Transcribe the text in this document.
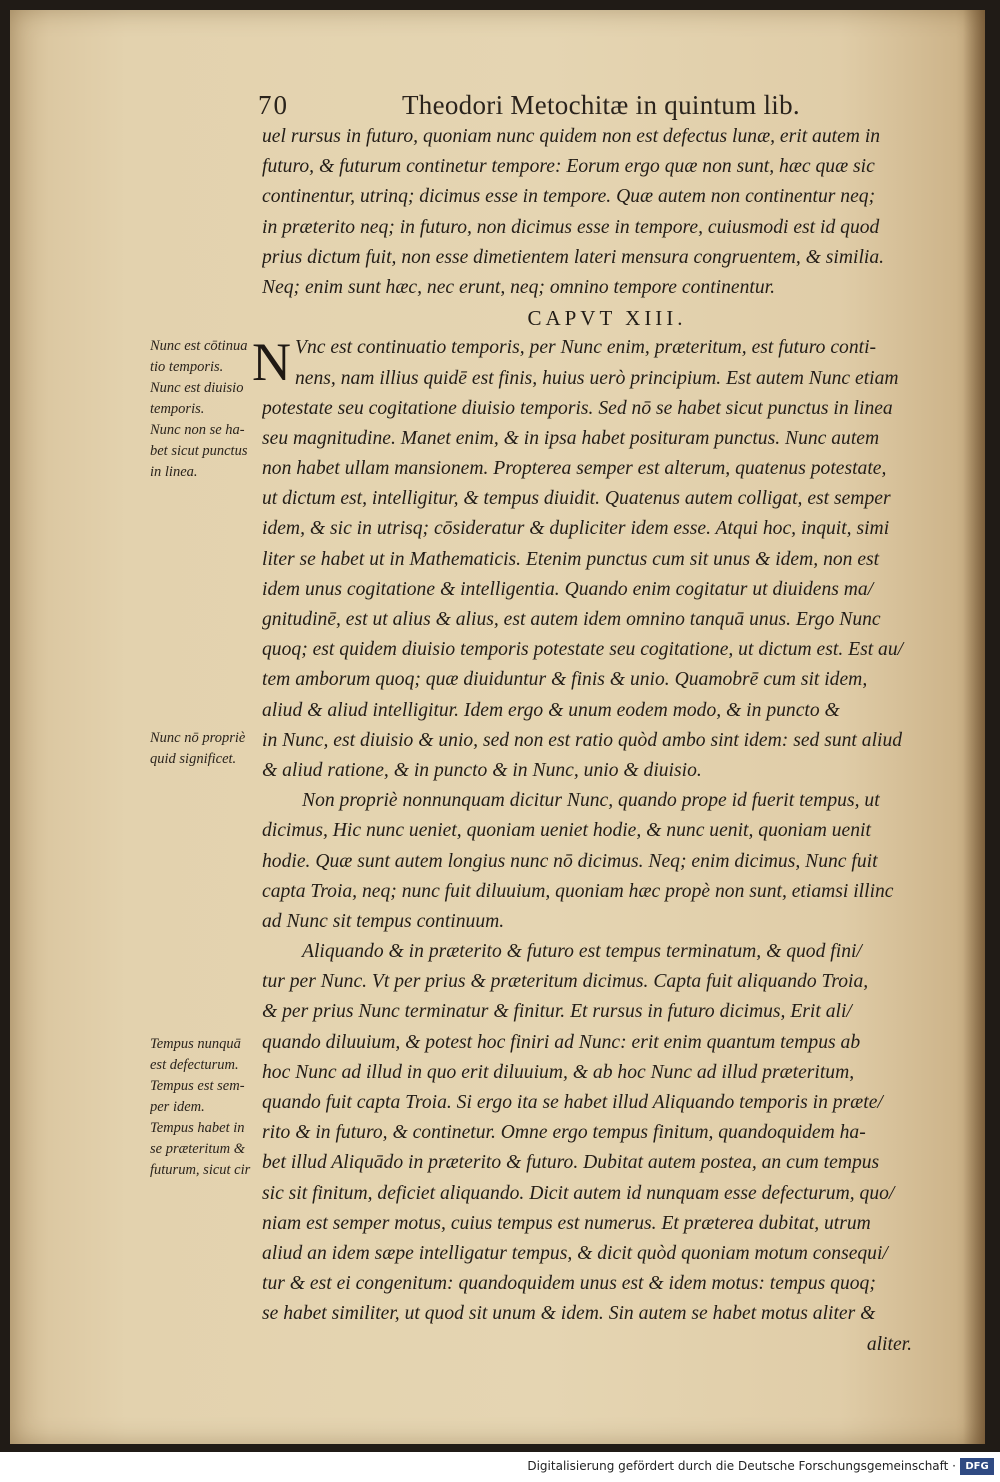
70	Theodori Metochitæ in quintum lib.
uel rursus in futuro, quoniam nunc quidem non est defectus lunæ, erit autem in
futuro, & futurum continetur tempore: Eorum ergo quæ non sunt, hæc quæ sic
continentur, utrinq; dicimus esse in tempore. Quæ autem non continentur neq;
in præterito neq; in futuro, non dicimus esse in tempore, cuiusmodi est id quod
prius dictum fuit, non esse dimetientem lateri mensura congruentem, & similia.
Neq; enim sunt hæc, nec erunt, neq; omnino tempore continentur.
CAPVT XIII.
N Vnc est continuatio temporis, per Nunc enim, præteritum, est futuro conti-
nens, nam illius quidē est finis, huius uerò principium. Est autem Nunc etiam
potestate seu cogitatione diuisio temporis. Sed nō se habet sicut punctus in linea
seu magnitudine. Manet enim, & in ipsa habet posituram punctus. Nunc autem
non habet ullam mansionem. Propterea semper est alterum, quatenus potestate,
ut dictum est, intelligitur, & tempus diuidit. Quatenus autem colligat, est semper
idem, & sic in utrisq; cōsideratur & dupliciter idem esse. Atqui hoc, inquit, simi
liter se habet ut in Mathematicis. Etenim punctus cum sit unus & idem, non est
idem unus cogitatione & intelligentia. Quando enim cogitatur ut diuidens ma/
gnitudinē, est ut alius & alius, est autem idem omnino tanquā unus. Ergo Nunc
quoq; est quidem diuisio temporis potestate seu cogitatione, ut dictum est. Est au/
tem amborum quoq; quæ diuiduntur & finis & unio. Quamobrē cum sit idem,
aliud & aliud intelligitur. Idem ergo & unum eodem modo, & in puncto &
in Nunc, est diuisio & unio, sed non est ratio quòd ambo sint idem: sed sunt aliud
& aliud ratione, & in puncto & in Nunc, unio & diuisio.
Non propriè nonnunquam dicitur Nunc, quando prope id fuerit tempus, ut
dicimus, Hic nunc ueniet, quoniam ueniet hodie, & nunc uenit, quoniam uenit
hodie. Quæ sunt autem longius nunc nō dicimus. Neq; enim dicimus, Nunc fuit
capta Troia, neq; nunc fuit diluuium, quoniam hæc propè non sunt, etiamsi illinc
ad Nunc sit tempus continuum.
Aliquando & in præterito & futuro est tempus terminatum, & quod fini/
tur per Nunc. Vt per prius & præteritum dicimus. Capta fuit aliquando Troia,
& per prius Nunc terminatur & finitur. Et rursus in futuro dicimus, Erit ali/
quando diluuium, & potest hoc finiri ad Nunc: erit enim quantum tempus ab
hoc Nunc ad illud in quo erit diluuium, & ab hoc Nunc ad illud præteritum,
quando fuit capta Troia. Si ergo ita se habet illud Aliquando temporis in præte/
rito & in futuro, & continetur. Omne ergo tempus finitum, quandoquidem ha-
bet illud Aliquādo in præterito & futuro. Dubitat autem postea, an cum tempus
sic sit finitum, deficiet aliquando. Dicit autem id nunquam esse defecturum, quo/
niam est semper motus, cuius tempus est numerus. Et præterea dubitat, utrum
aliud an idem sæpe intelligatur tempus, & dicit quòd quoniam motum consequi/
tur & est ei congenitum: quandoquidem unus est & idem motus: tempus quoq;
se habet similiter, ut quod sit unum & idem. Sin autem se habet motus aliter &
aliter.
Nunc est cōtinua
tio temporis.
Nunc est diuisio
temporis.
Nunc non se ha-
bet sicut punctus
in linea.
Nunc nō propriè
quid significet.
Tempus nunquā
est defecturum.
Tempus est sem-
per idem.
Tempus habet in
se præteritum &
futurum, sicut cir
Digitalisierung gefördert durch die Deutsche Forschungsgemeinschaft · DFG
